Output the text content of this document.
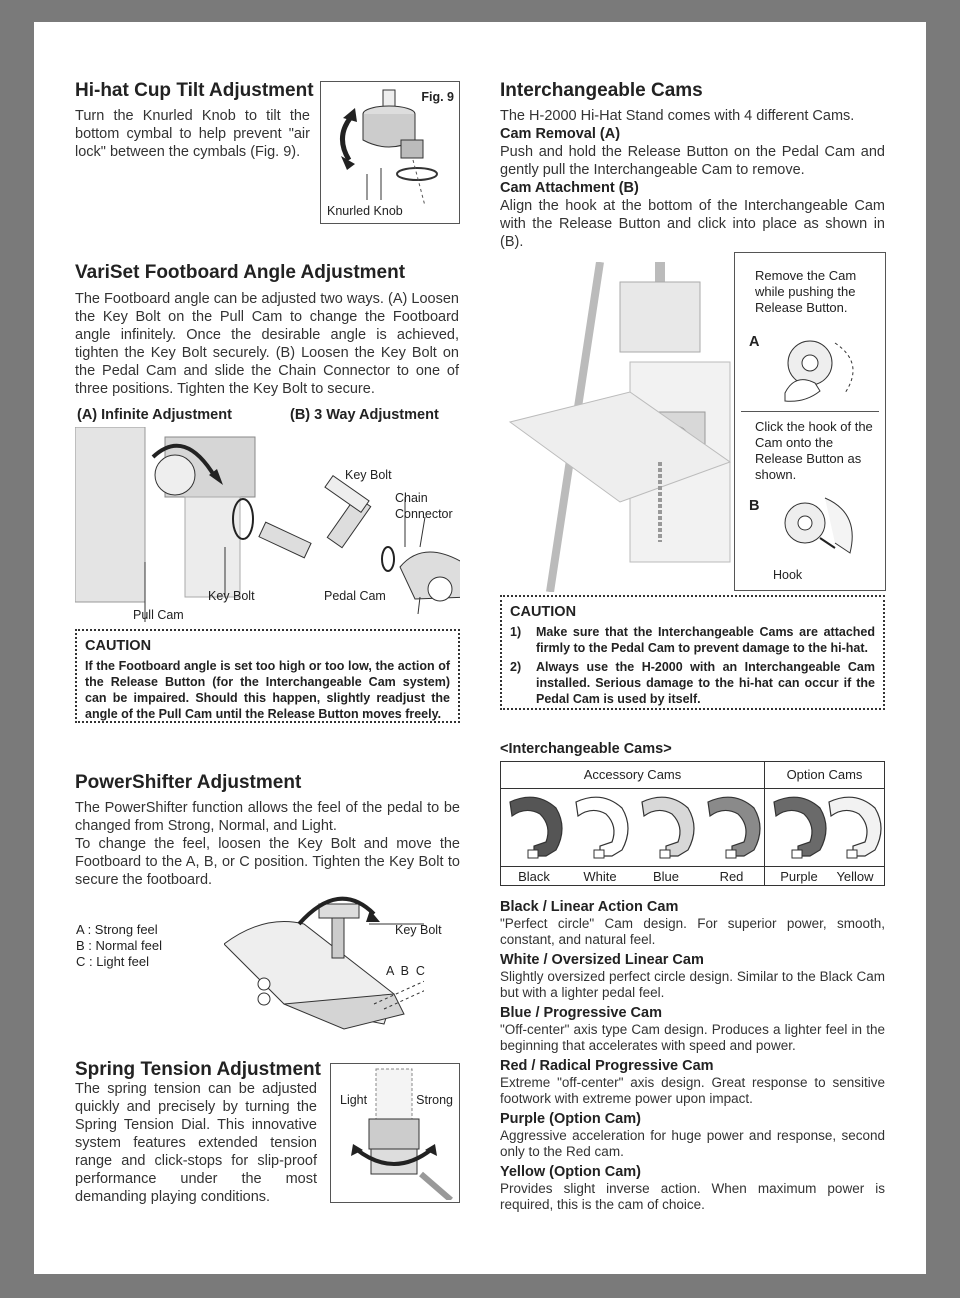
Hi-hat Cup Tilt Adjustment

Turn the Knurled Knob to tilt the bottom cymbal to help prevent "air lock" between the cymbals (Fig. 9).

Fig. 9
Knurled Knob
Interchangeable Cams

The H-2000 Hi-Hat Stand comes with 4 different Cams.

Cam Removal (A)

Push and hold the Release Button on the Pedal Cam and gently pull the Interchangeable Cam to remove.

Cam Attachment (B)

Align the hook at the bottom of the Interchangeable Cam with the Release Button and click into place as shown in (B).

VariSet Footboard Angle Adjustment

The Footboard angle can be adjusted two ways. (A) Loosen the Key Bolt on the Pull Cam to change the Footboard angle infinitely. Once the desirable angle is achieved, tighten the Key Bolt securely. (B) Loosen the Key Bolt on the Pedal Cam and slide the Chain Connector to one of three positions. Tighten the Key Bolt to secure.

(A) Infinite Adjustment	(B) 3 Way Adjustment
Key Bolt
Pull Cam
Key Bolt
Chain
Connector
Pedal Cam
CAUTION
If the Footboard angle is set too high or too low, the action of the Release Button (for the Interchangeable Cam system) can be impaired. Should this happen, slightly readjust the angle of the Pull Cam until the Release Button moves freely.
Remove the Cam while pushing the Release Button.
A
Click the hook of the Cam onto the Release Button as shown.
B
Hook
CAUTION
1)	Make sure that the Interchangeable Cams are attached firmly to the Pedal Cam to prevent damage to the hi-hat.
2)	Always use the H-2000 with an Interchangeable Cam installed. Serious damage to the hi-hat can occur if the Pedal Cam is used by itself.
<Interchangeable Cams>
Accessory Cams	Option Cams
Black	White	Blue	Red	Purple	Yellow
Black / Linear Action Cam
"Perfect circle" Cam design. For superior power, smooth, constant, and natural feel.
White / Oversized Linear Cam
Slightly oversized perfect circle design. Similar to the Black Cam but with a lighter pedal feel.
Blue / Progressive Cam
"Off-center" axis type Cam design. Produces a lighter feel in the beginning that accelerates with speed and power.
Red / Radical Progressive Cam
Extreme "off-center" axis design. Great response to sensitive footwork with extreme power upon impact.
Purple (Option Cam)
Aggressive acceleration for huge power and response, second only to the Red cam.
Yellow (Option Cam)
Provides slight inverse action. When maximum power is required, this is the cam of choice.
PowerShifter Adjustment

The PowerShifter function allows the feel of the pedal to be changed from Strong, Normal, and Light.

To change the feel, loosen the Key Bolt and move the Footboard to the A, B, or C position. Tighten the Key Bolt to secure the footboard.

A : Strong feel
B : Normal feel
C : Light feel
Key Bolt
A  B  C
Spring Tension Adjustment

The spring tension can be adjusted quickly and precisely by turning the Spring Tension Dial. This innovative system features extended tension range and click-stops for slip-proof performance under the most demanding playing conditions.

Light	Strong
